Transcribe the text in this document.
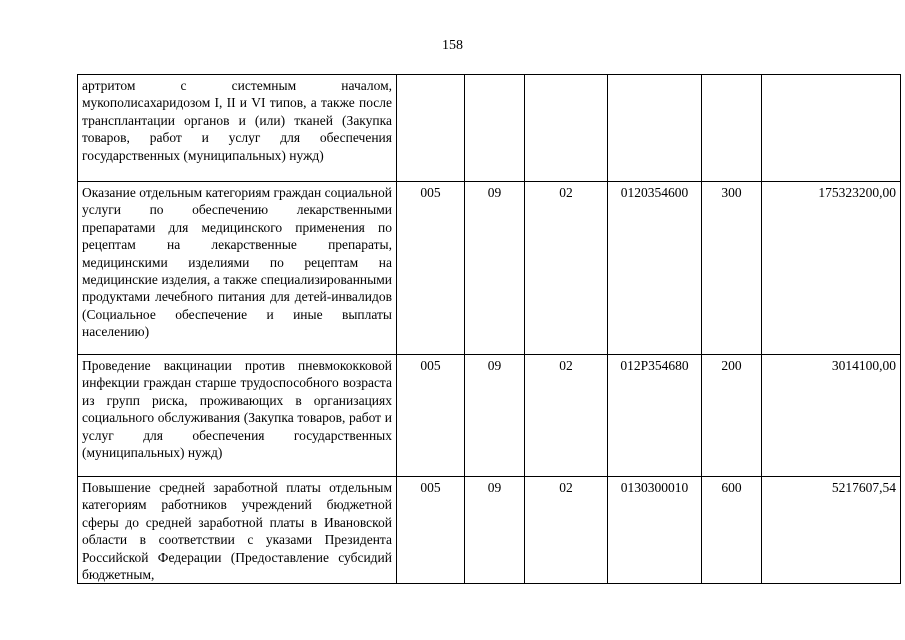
158
артритом с системным началом, мукополисахаридозом I, II и VI типов, а также после трансплантации органов и (или) тканей (Закупка товаров, работ и услуг для обеспечения государственных (муниципальных) нужд)						
Оказание отдельным категориям граждан социальной услуги по обеспечению лекарственными препаратами для медицинского применения по рецептам на лекарственные препараты, медицинскими изделиями по рецептам на медицинские изделия, а также специализированными продуктами лечебного питания для детей-инвалидов (Социальное обеспечение и иные выплаты населению)	005	09	02	0120354600	300	175323200,00
Проведение вакцинации против пневмококковой инфекции граждан старше трудоспособного возраста из групп риска, проживающих в организациях социального обслуживания (Закупка товаров, работ и услуг для обеспечения государственных (муниципальных) нужд)	005	09	02	012P354680	200	3014100,00
Повышение средней заработной платы отдельным категориям работников учреждений бюджетной сферы до средней заработной платы в Ивановской области в соответствии с указами Президента Российской Федерации (Предоставление субсидий бюджетным,	005	09	02	0130300010	600	5217607,54
